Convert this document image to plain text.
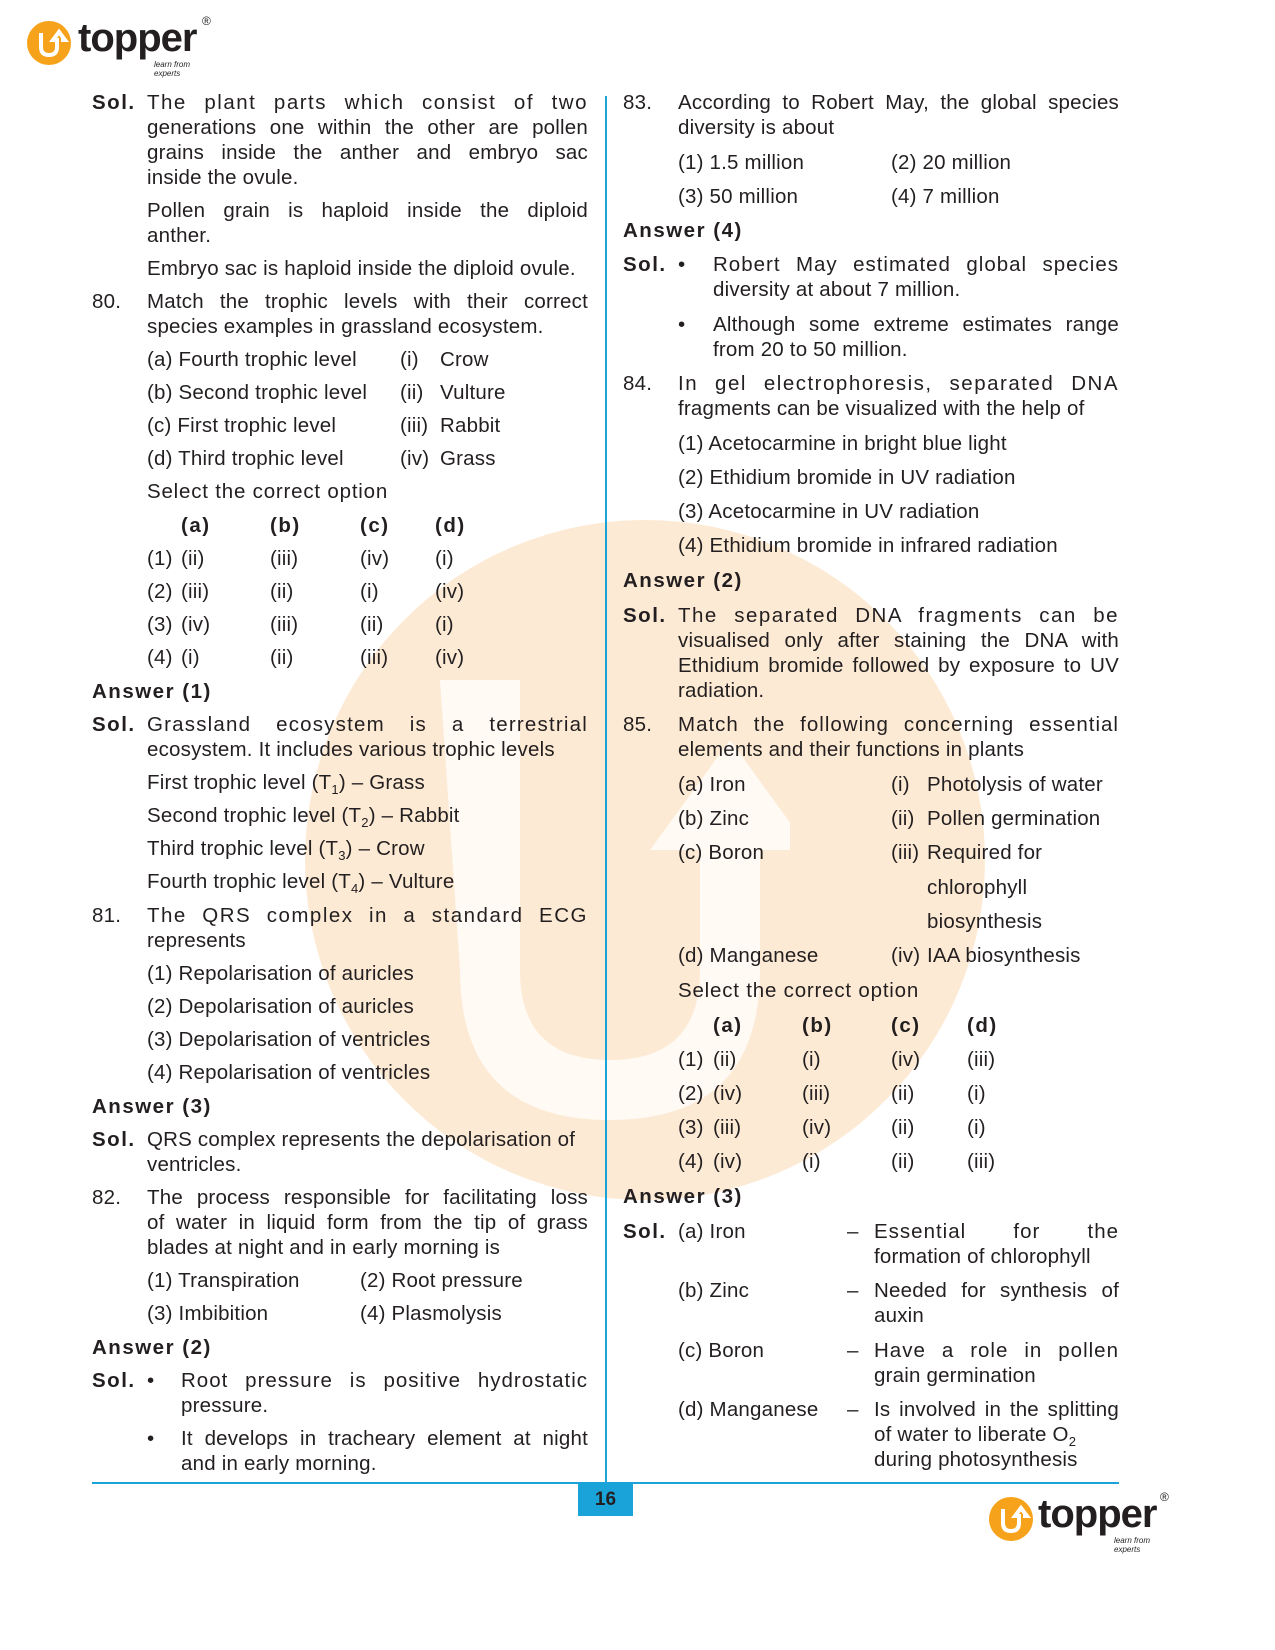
topper ®
learn from experts
Sol. The plant parts which consist of two
generations one within the other are pollen
grains inside the anther and embryo sac
inside the ovule.
Pollen grain is haploid inside the diploid
anther.
Embryo sac is haploid inside the diploid ovule.
80. Match the trophic levels with their correct
species examples in grassland ecosystem.
(a) Fourth trophic level (i) Crow
(b) Second trophic level (ii) Vulture
(c) First trophic level	(iii) Rabbit
(d) Third trophic level	(iv) Grass
Select the correct option
(a)	(b)	(c) (d)
(1) (ii)	(iii)	(iv) (i)
(2) (iii)	(ii)	(i)	(iv)
(3) (iv)	(iii)	(ii)	(i)
(4) (i)	(ii)	(iii) (iv)
Answer (1)
Sol. Grassland ecosystem is a terrestrial
ecosystem. It includes various trophic levels
First trophic level $(T_1)$ – Grass
Second trophic level $(T_2)$ – Rabbit
Third trophic level $(T_3)$ – Crow
Fourth trophic level $(T_4)$ – Vulture
81. The QRS complex in a standard ECG
represents
(1) Repolarisation of auricles
(2) Depolarisation of auricles
(3) Depolarisation of ventricles
(4) Repolarisation of ventricles
Answer (3)
Sol. QRS complex represents the depolarisation of
ventricles.
82. The process responsible for facilitating loss
of water in liquid form from the tip of grass
blades at night and in early morning is
(1) Transpiration	(2) Root pressure
(3) Imbibition	(4) Plasmolysis
Answer (2)
Sol. • Root pressure is positive hydrostatic
pressure.
• It develops in tracheary element at night
and in early morning.
83. According to Robert May, the global species
diversity is about
(1) 1.5 million	(2) 20 million
(3) 50 million	(4) 7 million
Answer (4)
Sol. • Robert May estimated global species
diversity at about 7 million.
• Although some extreme estimates range
from 20 to 50 million.
84. In gel electrophoresis, separated DNA
fragments can be visualized with the help of
(1) Acetocarmine in bright blue light
(2) Ethidium bromide in UV radiation
(3) Acetocarmine in UV radiation
(4) Ethidium bromide in infrared radiation
Answer (2)
Sol. The separated DNA fragments can be
visualised only after staining the DNA with
Ethidium bromide followed by exposure to UV
radiation.
85. Match the following concerning essential
elements and their functions in plants
(a) Iron	(i) Photolysis of water
(b) Zinc	(ii) Pollen germination
(c) Boron	(iii) Required for
chlorophyll
biosynthesis
(d) Manganese	(iv) IAA biosynthesis
Select the correct option
(a)	(b)	(c) (d)
(1) (ii)	(i)	(iv) (iii)
(2) (iv)	(iii)	(ii)	(i)
(3) (iii)	(iv)	(ii)	(i)
(4) (iv)	(i)	(ii)	(iii)
Answer (3)
Sol. (a) Iron	– Essential for the
formation of chlorophyll
(b) Zinc	– Needed for synthesis of
auxin
(c) Boron	– Have a role in pollen
grain germination
(d) Manganese – Is involved in the splitting
of water to liberate $O_2$
during photosynthesis
16	topper ®
learn from experts
